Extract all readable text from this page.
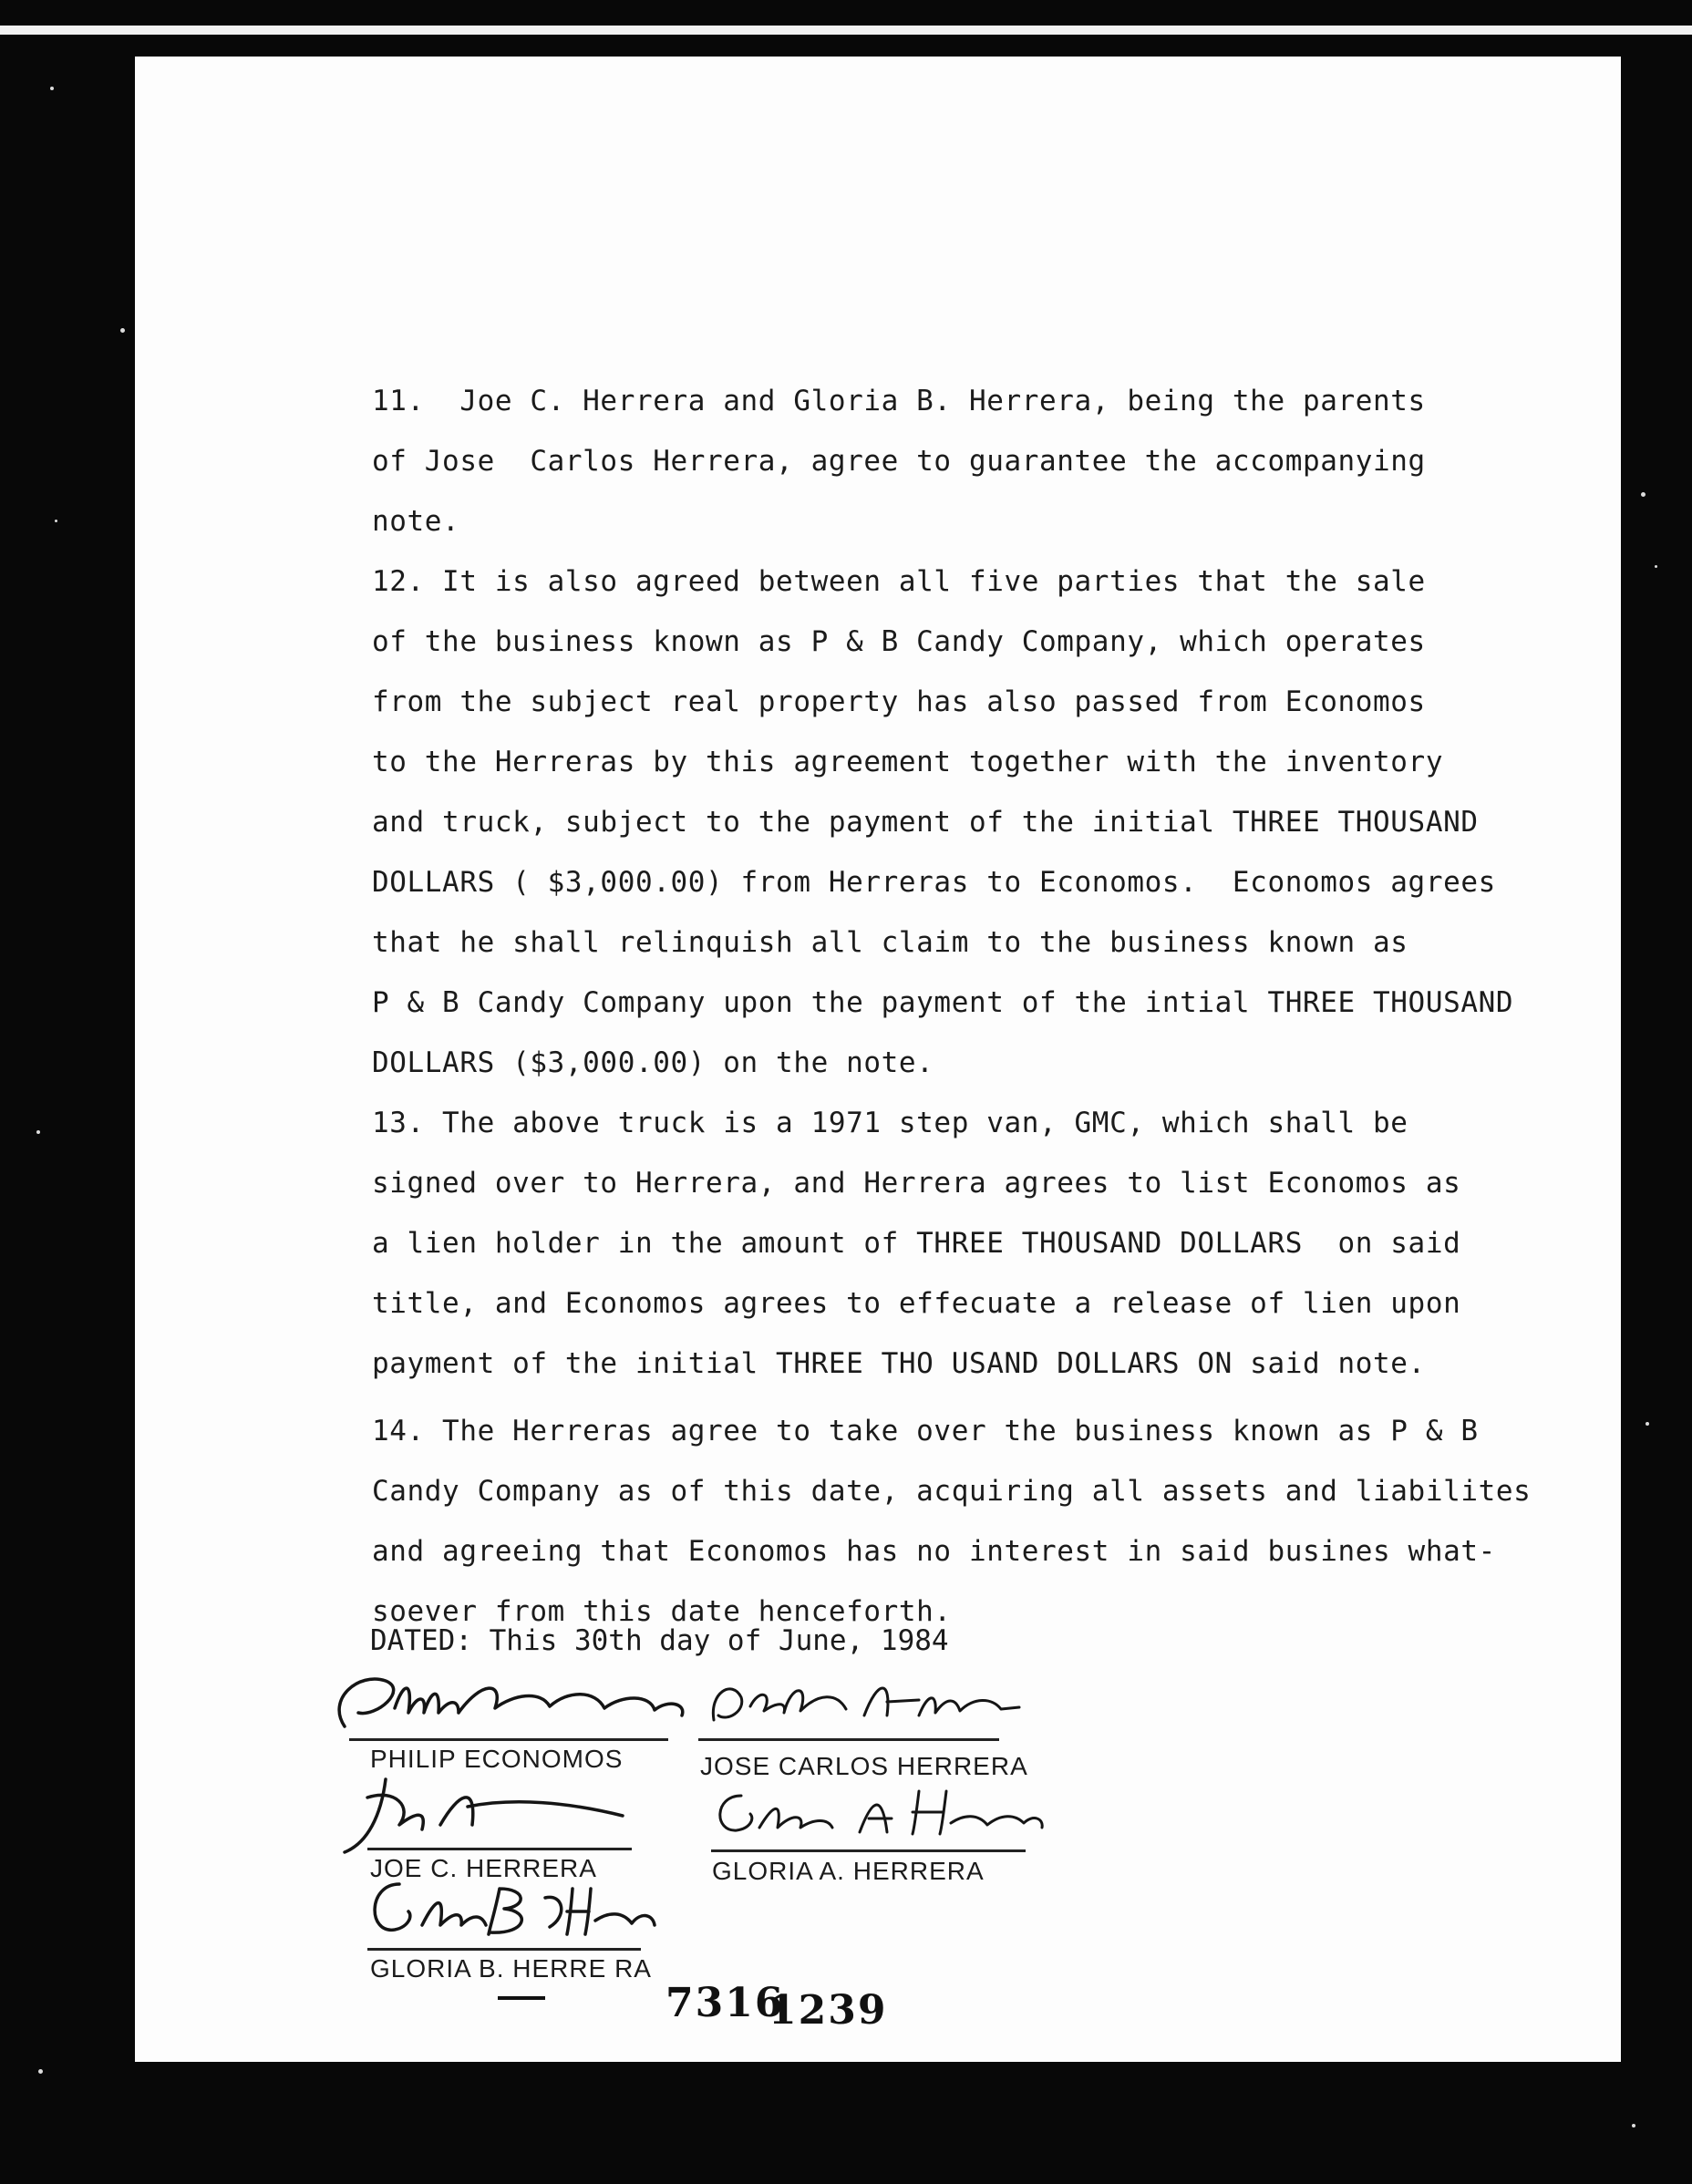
11.  Joe C. Herrera and Gloria B. Herrera, being the parents
of Jose  Carlos Herrera, agree to guarantee the accompanying
note.
12. It is also agreed between all five parties that the sale
of the business known as P & B Candy Company, which operates
from the subject real property has also passed from Economos
to the Herreras by this agreement together with the inventory
and truck, subject to the payment of the initial THREE THOUSAND
DOLLARS ( $3,000.00) from Herreras to Economos.  Economos agrees
that he shall relinquish all claim to the business known as
P & B Candy Company upon the payment of the intial THREE THOUSAND
DOLLARS ($3,000.00) on the note.
13. The above truck is a 1971 step van, GMC, which shall be
signed over to Herrera, and Herrera agrees to list Economos as
a lien holder in the amount of THREE THOUSAND DOLLARS  on said
title, and Economos agrees to effecuate a release of lien upon
payment of the initial THREE THO USAND DOLLARS ON said note.
14. The Herreras agree to take over the business known as P & B
Candy Company as of this date, acquiring all assets and liabilites
and agreeing that Economos has no interest in said busines what-
soever from this date henceforth.
DATED: This 30th day of June, 1984
PHILIP ECONOMOS	JOSE CARLOS HERRERA
JOE C. HERRERA	GLORIA A. HERRERA
GLORIA B. HERRE RA
7316
1239
